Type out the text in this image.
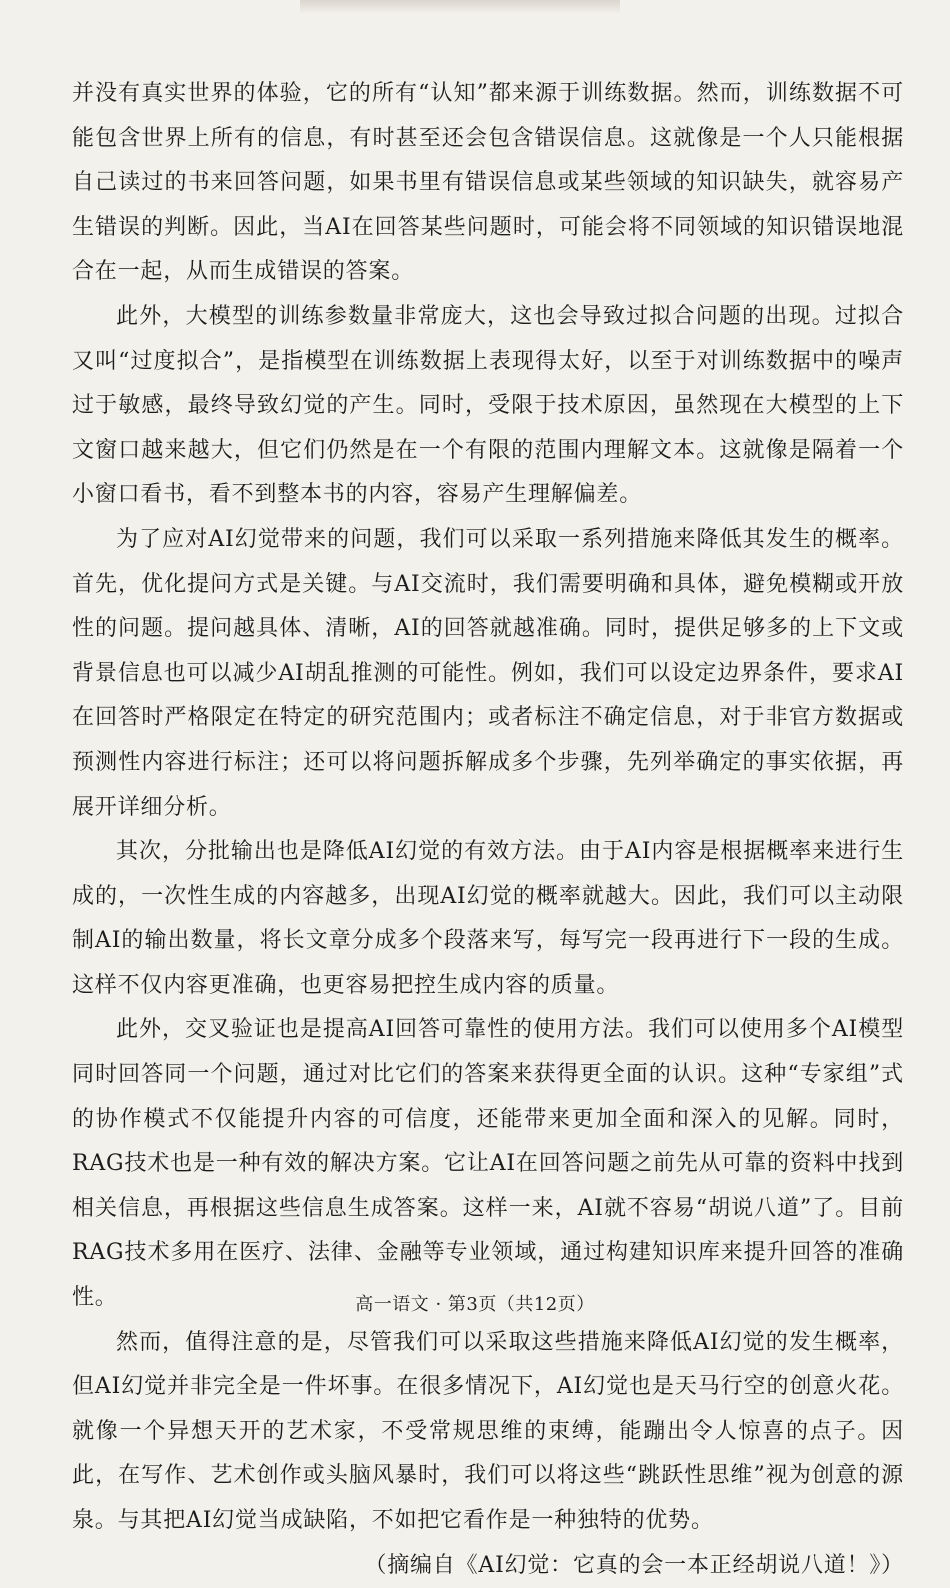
并没有真实世界的体验，它的所有“认知”都来源于训练数据。然而，训练数据不可能包含世界上所有的信息，有时甚至还会包含错误信息。这就像是一个人只能根据自己读过的书来回答问题，如果书里有错误信息或某些领域的知识缺失，就容易产生错误的判断。因此，当AI在回答某些问题时，可能会将不同领域的知识错误地混合在一起，从而生成错误的答案。

此外，大模型的训练参数量非常庞大，这也会导致过拟合问题的出现。过拟合又叫“过度拟合”，是指模型在训练数据上表现得太好，以至于对训练数据中的噪声过于敏感，最终导致幻觉的产生。同时，受限于技术原因，虽然现在大模型的上下文窗口越来越大，但它们仍然是在一个有限的范围内理解文本。这就像是隔着一个小窗口看书，看不到整本书的内容，容易产生理解偏差。

为了应对AI幻觉带来的问题，我们可以采取一系列措施来降低其发生的概率。首先，优化提问方式是关键。与AI交流时，我们需要明确和具体，避免模糊或开放性的问题。提问越具体、清晰，AI的回答就越准确。同时，提供足够多的上下文或背景信息也可以减少AI胡乱推测的可能性。例如，我们可以设定边界条件，要求AI在回答时严格限定在特定的研究范围内；或者标注不确定信息，对于非官方数据或预测性内容进行标注；还可以将问题拆解成多个步骤，先列举确定的事实依据，再展开详细分析。

其次，分批输出也是降低AI幻觉的有效方法。由于AI内容是根据概率来进行生成的，一次性生成的内容越多，出现AI幻觉的概率就越大。因此，我们可以主动限制AI的输出数量，将长文章分成多个段落来写，每写完一段再进行下一段的生成。这样不仅内容更准确，也更容易把控生成内容的质量。

此外，交叉验证也是提高AI回答可靠性的使用方法。我们可以使用多个AI模型同时回答同一个问题，通过对比它们的答案来获得更全面的认识。这种“专家组”式的协作模式不仅能提升内容的可信度，还能带来更加全面和深入的见解。同时，RAG技术也是一种有效的解决方案。它让AI在回答问题之前先从可靠的资料中找到相关信息，再根据这些信息生成答案。这样一来，AI就不容易“胡说八道”了。目前RAG技术多用在医疗、法律、金融等专业领域，通过构建知识库来提升回答的准确性。

然而，值得注意的是，尽管我们可以采取这些措施来降低AI幻觉的发生概率，但AI幻觉并非完全是一件坏事。在很多情况下，AI幻觉也是天马行空的创意火花。就像一个异想天开的艺术家，不受常规思维的束缚，能蹦出令人惊喜的点子。因此，在写作、艺术创作或头脑风暴时，我们可以将这些“跳跃性思维”视为创意的源泉。与其把AI幻觉当成缺陷，不如把它看作是一种独特的优势。

（摘编自《AI幻觉：它真的会一本正经胡说八道！》）

高一语文 · 第3页（共12页）
